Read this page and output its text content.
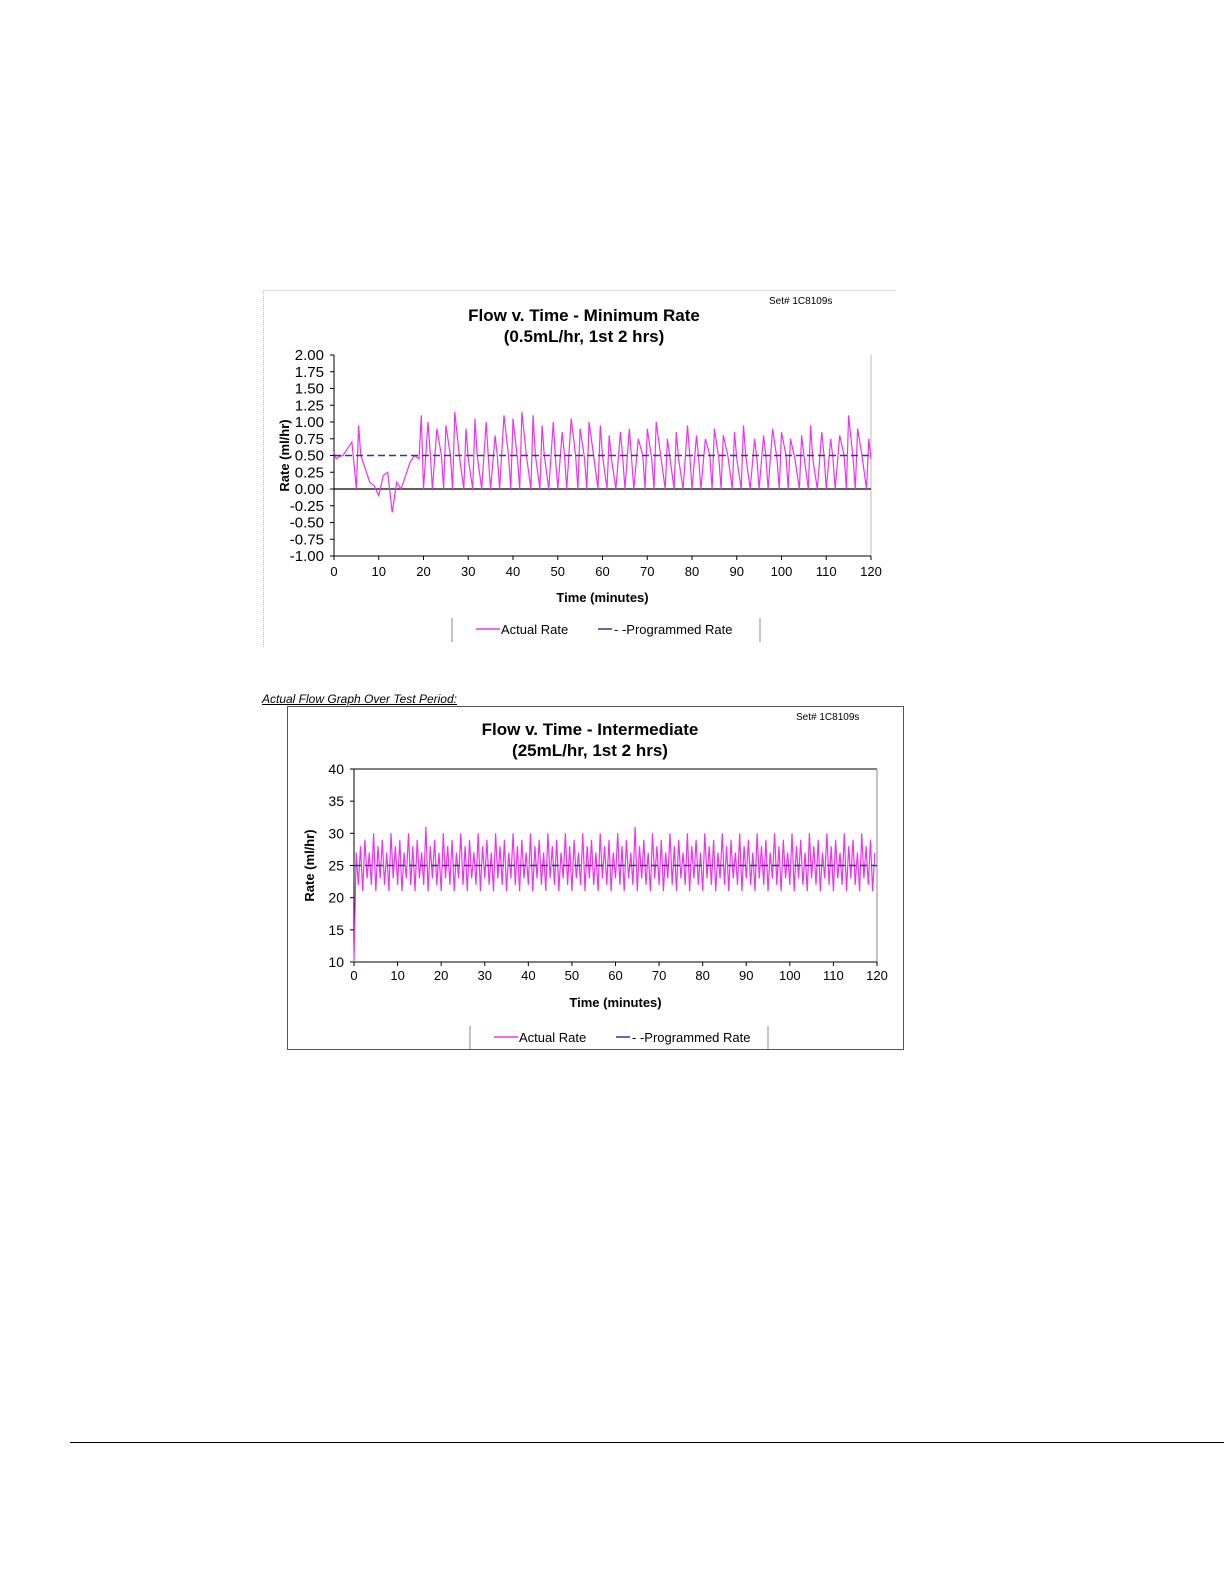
Set# 1C8109s
Flow v. Time - Minimum Rate
(0.5mL/hr, 1st 2 hrs)
2.00
1.75
1.50
1.25
1.00
0.75
0.50
0.25
0.00
-0.25
-0.50
-0.75
-1.00
0	10 20 30 40 50 60 70 80 90 100 110 120
Time (minutes)
Rate (ml/hr)
Actual Rate	- -Programmed Rate
Actual Flow Graph Over Test Period:
Set# 1C8109s
Flow v. Time - Intermediate
(25mL/hr, 1st 2 hrs)
40
35
30
25
20
15
10
0	10 20 30 40 50 60 70 80 90 100 110 120
Time (minutes)
Rate (ml/hr)
Actual Rate	- -Programmed Rate
